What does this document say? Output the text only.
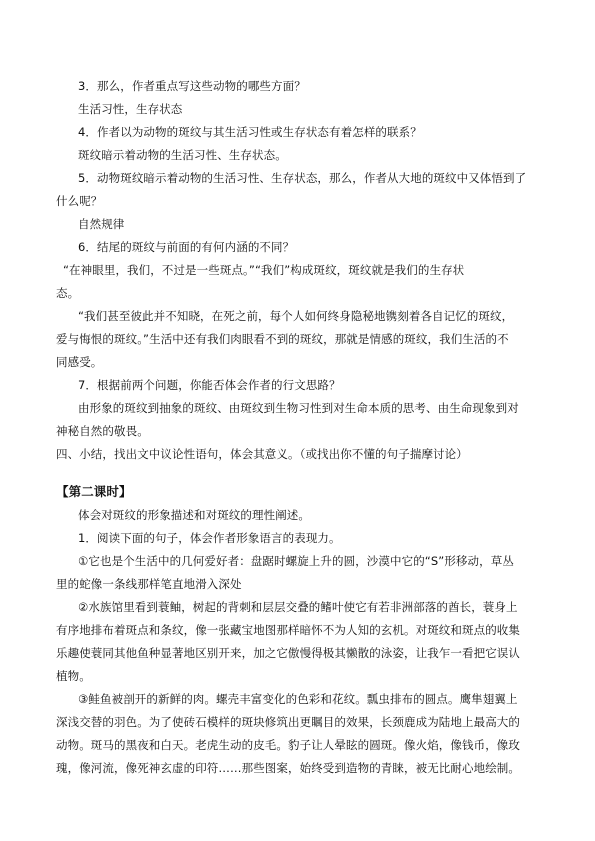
3．那么，作者重点写这些动物的哪些方面？
生活习性，生存状态
4．作者以为动物的斑纹与其生活习性或生存状态有着怎样的联系？
斑纹暗示着动物的生活习性、生存状态。
5．动物斑纹暗示着动物的生活习性、生存状态，那么，作者从大地的斑纹中又体悟到了
什么呢？
自然规律
6．结尾的斑纹与前面的有何内涵的不同？
“在神眼里，我们，不过是一些斑点。”“我们”构成斑纹，斑纹就是我们的生存状
态。
“我们甚至彼此并不知晓，在死之前，每个人如何终身隐秘地镌刻着各自记忆的斑纹，
爱与悔恨的斑纹。”生活中还有我们肉眼看不到的斑纹，那就是情感的斑纹，我们生活的不
同感受。
7．根据前两个问题，你能否体会作者的行文思路？
由形象的斑纹到抽象的斑纹、由斑纹到生物习性到对生命本质的思考、由生命现象到对
神秘自然的敬畏。
四、小结，找出文中议论性语句，体会其意义。（或找出你不懂的句子揣摩讨论）
【第二课时】
体会对斑纹的形象描述和对斑纹的理性阐述。
1．阅读下面的句子，体会作者形象语言的表现力。
①它也是个生活中的几何爱好者：盘踞时螺旋上升的圆，沙漠中它的“S”形移动，草丛
里的蛇像一条线那样笔直地滑入深处
②水族馆里看到蓑鲉，树起的背刺和层层交叠的鳍叶使它有若非洲部落的酋长，蓑身上
有序地排布着斑点和条纹，像一张藏宝地图那样暗怀不为人知的玄机。对斑纹和斑点的收集
乐趣使蓑同其他鱼种显著地区别开来，加之它傲慢得极其懒散的泳姿，让我乍一看把它误认
植物。
③鲑鱼被剖开的新鲜的肉。螺壳丰富变化的色彩和花纹。瓢虫排布的圆点。鹰隼翅翼上
深浅交替的羽色。为了使砖石模样的斑块修筑出更瞩目的效果，长颈鹿成为陆地上最高大的
动物。斑马的黑夜和白天。老虎生动的皮毛。豹子让人晕眩的圆斑。像火焰，像钱币，像玫
瑰，像河流，像死神玄虚的印符……那些图案，始终受到造物的青睐，被无比耐心地绘制。
